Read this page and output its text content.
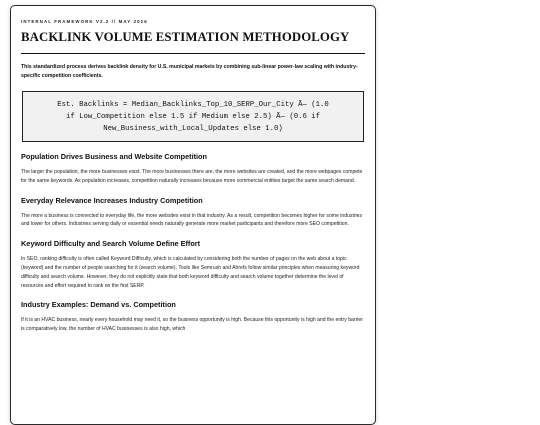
INTERNAL FRAMEWORK V2.2 // MAY 2026
BACKLINK VOLUME ESTIMATION METHODOLOGY

This standardized process derives backlink density for U.S. municipal markets by combining sub-linear power-law scaling with industry-specific competition coefficients.

Est. Backlinks = Median_Backlinks_Top_10_SERP_Our_City Ã— (1.0
if Low_Competition else 1.5 if Medium else 2.5) Ã— (0.6 if
New_Business_with_Local_Updates else 1.0)
Population Drives Business and Website Competition

The larger the population, the more businesses exist. The more businesses there are, the more websites are created, and the more webpages compete for the same keywords. As population increases, competition naturally increases because more commercial entities target the same search demand.

Everyday Relevance Increases Industry Competition

The more a business is connected to everyday life, the more websites exist in that industry. As a result, competition becomes higher for some industries and lower for others. Industries serving daily or essential needs naturally generate more market participants and therefore more SEO competition.

Keyword Difficulty and Search Volume Define Effort

In SEO, ranking difficulty is often called Keyword Difficulty, which is calculated by considering both the number of pages on the web about a topic (keyword) and the number of people searching for it (search volume). Tools like Semrush and Ahrefs follow similar principles when measuring keyword difficulty and search volume. However, they do not explicitly state that both keyword difficulty and search volume together determine the level of resources and effort required to rank on the first SERP.

Industry Examples: Demand vs. Competition

If it is an HVAC business, nearly every household may need it, so the business opportunity is high. Because this opportunity is high and the entry barrier is comparatively low, the number of HVAC businesses is also high, which
